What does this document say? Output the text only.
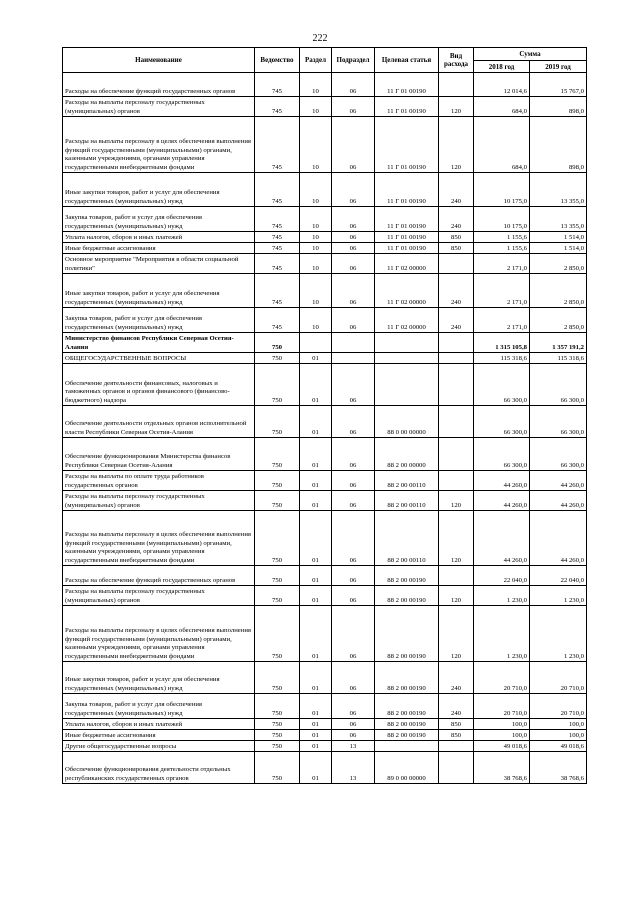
222
Наименование	Ведомство	Раздел	Подраздел	Целевая статья	Вид расхода	Сумма	
						2018 год	2019 год
Расходы на обеспечение функций государственных органов	745	10	06	11 Г 01 00190		12 014,6	15 767,0
Расходы на выплаты персоналу государственных (муниципальных) органов	745	10	06	11 Г 01 00190	120	684,0	898,0
Расходы на выплаты персоналу в целях обеспечения выполнения функций государственными (муниципальными) органами, казенными учреждениями, органами управления государственными внебюджетными фондами	745	10	06	11 Г 01 00190	120	684,0	898,0
Иные закупки товаров, работ и услуг для обеспечения государственных (муниципальных) нужд	745	10	06	11 Г 01 00190	240	10 175,0	13 355,0
Закупка товаров, работ и услуг для обеспечения государственных (муниципальных) нужд	745	10	06	11 Г 01 00190	240	10 175,0	13 355,0
Уплата налогов, сборов и иных платежей	745	10	06	11 Г 01 00190	850	1 155,6	1 514,0
Иные бюджетные ассигнования	745	10	06	11 Г 01 00190	850	1 155,6	1 514,0
Основное мероприятие "Мероприятия в области социальной политики"	745	10	06	11 Г 02 00000		2 171,0	2 850,0
Иные закупки товаров, работ и услуг для обеспечения государственных (муниципальных) нужд	745	10	06	11 Г 02 00000	240	2 171,0	2 850,0
Закупка товаров, работ и услуг для обеспечения государственных (муниципальных) нужд	745	10	06	11 Г 02 00000	240	2 171,0	2 850,0
Министерство финансов Республики Северная Осетия-Алания	750					1 315 105,8	1 357 191,2
ОБЩЕГОСУДАРСТВЕННЫЕ ВОПРОСЫ	750	01				115 318,6	115 318,6
Обеспечение деятельности финансовых, налоговых и таможенных органов и органов финансового (финансово-бюджетного) надзора	750	01	06			66 300,0	66 300,0
Обеспечение деятельности отдельных органов исполнительной власти Республики Северная Осетия-Алания	750	01	06	88 0 00 00000		66 300,0	66 300,0
Обеспечение функционирования Министерства финансов Республики Северная Осетия-Алания	750	01	06	88 2 00 00000		66 300,0	66 300,0
Расходы на выплаты по оплате труда работников государственных органов	750	01	06	88 2 00 00110		44 260,0	44 260,0
Расходы на выплаты персоналу государственных (муниципальных) органов	750	01	06	88 2 00 00110	120	44 260,0	44 260,0
Расходы на выплаты персоналу в целях обеспечения выполнения функций государственными (муниципальными) органами, казенными учреждениями, органами управления государственными внебюджетными фондами	750	01	06	88 2 00 00110	120	44 260,0	44 260,0
Расходы на обеспечение функций государственных органов	750	01	06	88 2 00 00190		22 040,0	22 040,0
Расходы на выплаты персоналу государственных (муниципальных) органов	750	01	06	88 2 00 00190	120	1 230,0	1 230,0
Расходы на выплаты персоналу в целях обеспечения выполнения функций государственными (муниципальными) органами, казенными учреждениями, органами управления государственными внебюджетными фондами	750	01	06	88 2 00 00190	120	1 230,0	1 230,0
Иные закупки товаров, работ и услуг для обеспечения государственных (муниципальных) нужд	750	01	06	88 2 00 00190	240	20 710,0	20 710,0
Закупка товаров, работ и услуг для обеспечения государственных (муниципальных) нужд	750	01	06	88 2 00 00190	240	20 710,0	20 710,0
Уплата налогов, сборов и иных платежей	750	01	06	88 2 00 00190	850	100,0	100,0
Иные бюджетные ассигнования	750	01	06	88 2 00 00190	850	100,0	100,0
Другие общегосударственные вопросы	750	01	13			49 018,6	49 018,6
Обеспечение функционирования деятельности отдельных республиканских государственных органов	750	01	13	89 0 00 00000		38 768,6	38 768,6
